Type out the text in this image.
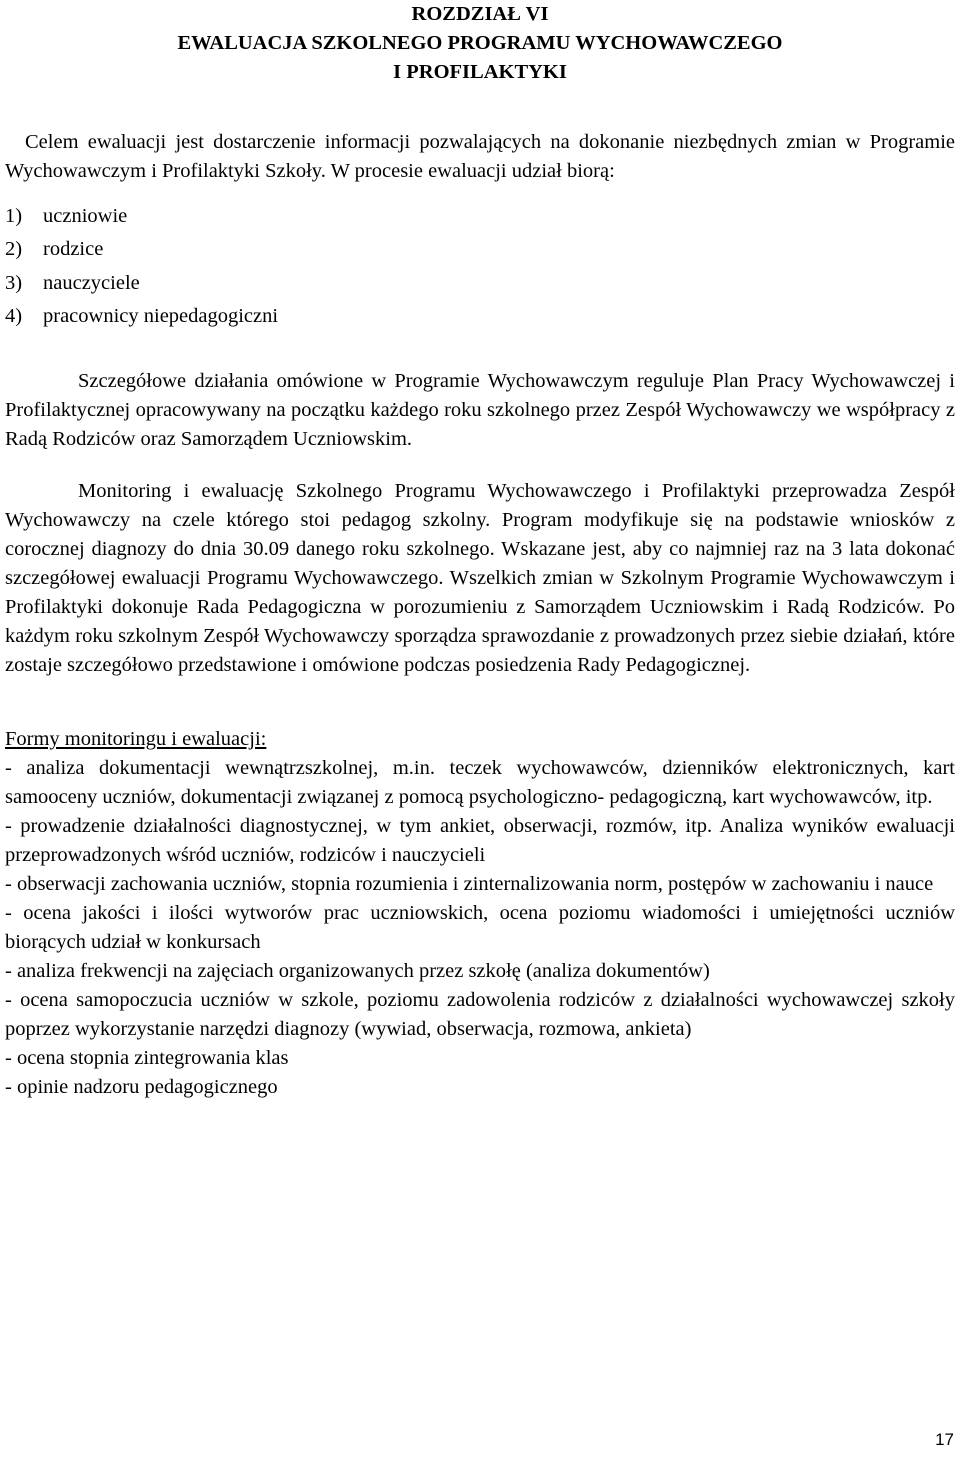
ROZDZIAŁ VI
EWALUACJA SZKOLNEGO PROGRAMU WYCHOWAWCZEGO
I PROFILAKTYKI

Celem ewaluacji jest dostarczenie informacji pozwalających na dokonanie niezbędnych zmian w Programie Wychowawczym i Profilaktyki Szkoły. W procesie ewaluacji udział biorą:

1) uczniowie
2) rodzice
3) nauczyciele
4) pracownicy niepedagogiczni

Szczegółowe działania omówione w Programie Wychowawczym reguluje Plan Pracy Wychowawczej i Profilaktycznej opracowywany na początku każdego roku szkolnego przez Zespół Wychowawczy we współpracy z Radą Rodziców oraz Samorządem Uczniowskim.

Monitoring i ewaluację Szkolnego Programu Wychowawczego i Profilaktyki przeprowadza Zespół Wychowawczy na czele którego stoi pedagog szkolny. Program modyfikuje się na podstawie wniosków z corocznej diagnozy do dnia 30.09 danego roku szkolnego. Wskazane jest, aby co najmniej raz na 3 lata dokonać szczegółowej ewaluacji Programu Wychowawczego. Wszelkich zmian w Szkolnym Programie Wychowawczym i Profilaktyki dokonuje Rada Pedagogiczna w porozumieniu z Samorządem Uczniowskim i Radą Rodziców. Po każdym roku szkolnym Zespół Wychowawczy sporządza sprawozdanie z prowadzonych przez siebie działań, które zostaje szczegółowo przedstawione i omówione podczas posiedzenia Rady Pedagogicznej.

Formy monitoringu i ewaluacji:

- analiza dokumentacji wewnątrzszkolnej, m.in. teczek wychowawców, dzienników elektronicznych, kart samooceny uczniów, dokumentacji związanej z pomocą psychologiczno- pedagogiczną, kart wychowawców, itp.

- prowadzenie działalności diagnostycznej, w tym ankiet, obserwacji, rozmów, itp. Analiza wyników ewaluacji przeprowadzonych wśród uczniów, rodziców i nauczycieli

- obserwacji zachowania uczniów, stopnia rozumienia i zinternalizowania norm, postępów w zachowaniu i nauce

- ocena jakości i ilości wytworów prac uczniowskich, ocena poziomu wiadomości i umiejętności uczniów biorących udział w konkursach

- analiza frekwencji na zajęciach organizowanych przez szkołę (analiza dokumentów)

- ocena samopoczucia uczniów w szkole, poziomu zadowolenia rodziców z działalności wychowawczej szkoły poprzez wykorzystanie narzędzi diagnozy (wywiad, obserwacja, rozmowa, ankieta)

- ocena stopnia zintegrowania klas

- opinie nadzoru pedagogicznego

17
